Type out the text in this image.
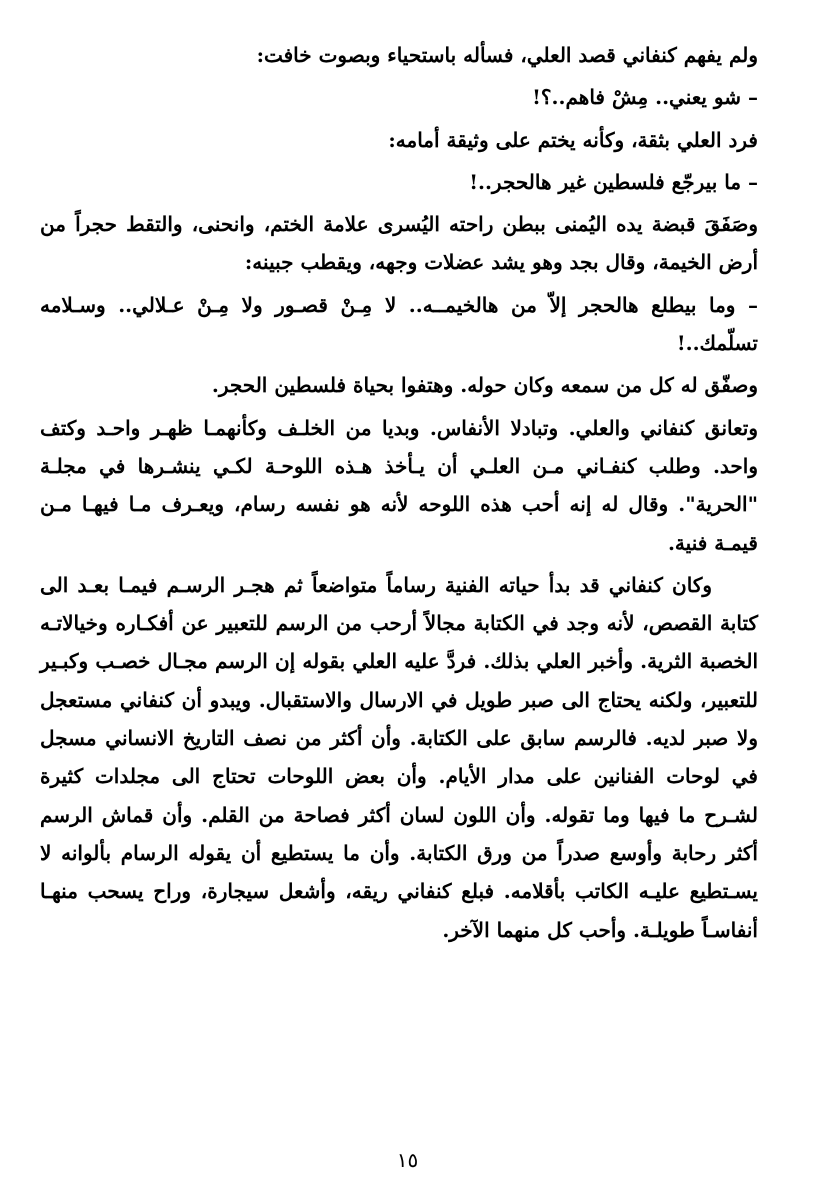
ولم يفهم كنفاني قصد العلي، فسأله باستحياء وبصوت خافت:

– شو يعني.. مِشْ فاهم..؟!

فرد العلي بثقة، وكأنه يختم على وثيقة أمامه:

– ما بيرجّع فلسطين غير هالحجر..!

وصَفَقَ قبضة يده اليُمنى ببطن راحته اليُسرى علامة الختم، وانحنى، والتقط حجراً من أرض الخيمة، وقال بجد وهو يشد عضلات وجهه، ويقطب جبينه:

– وما بيطلع هالحجر إلاّ من هالخيمــه.. لا مِـنْ قصـور ولا مِـنْ عـلالي.. وسـلامه تسلّمك..!

وصفّق له كل من سمعه وكان حوله. وهتفوا بحياة فلسطين الحجر.

وتعانق كنفاني والعلي. وتبادلا الأنفاس. وبديا من الخلـف وكأنهمـا ظهـر واحـد وكتف واحد. وطلب كنفـاني مـن العلـي أن يـأخذ هـذه اللوحـة لكـي ينشـرها في مجلـة "الحرية". وقال له إنه أحب هذه اللوحه لأنه هو نفسه رسام، ويعـرف مـا فيهـا مـن قيمـة فنية.

وكان كنفاني قد بدأ حياته الفنية رساماً متواضعاً ثم هجـر الرسـم فيمـا بعـد الى كتابة القصص، لأنه وجد في الكتابة مجالاً أرحب من الرسم للتعبير عن أفكـاره وخيالاتـه الخصبة الثرية. وأخبر العلي بذلك. فردَّ عليه العلي بقوله إن الرسم مجـال خصـب وكبـير للتعبير، ولكنه يحتاج الى صبر طويل في الارسال والاستقبال. ويبدو أن كنفاني مستعجل ولا صبر لديه. فالرسم سابق على الكتابة. وأن أكثر من نصف التاريخ الانساني مسجل في لوحات الفنانين على مدار الأيام. وأن بعض اللوحات تحتاج الى مجلدات كثيرة لشـرح ما فيها وما تقوله. وأن اللون لسان أكثر فصاحة من القلم. وأن قماش الرسم أكثر رحابة وأوسع صدراً من ورق الكتابة. وأن ما يستطيع أن يقوله الرسام بألوانه لا يسـتطيع عليـه الكاتب بأقلامه. فبلع كنفاني ريقه، وأشعل سيجارة، وراح يسحب منهـا أنفاسـاً طويلـة. وأحب كل منهما الآخر.

١٥
